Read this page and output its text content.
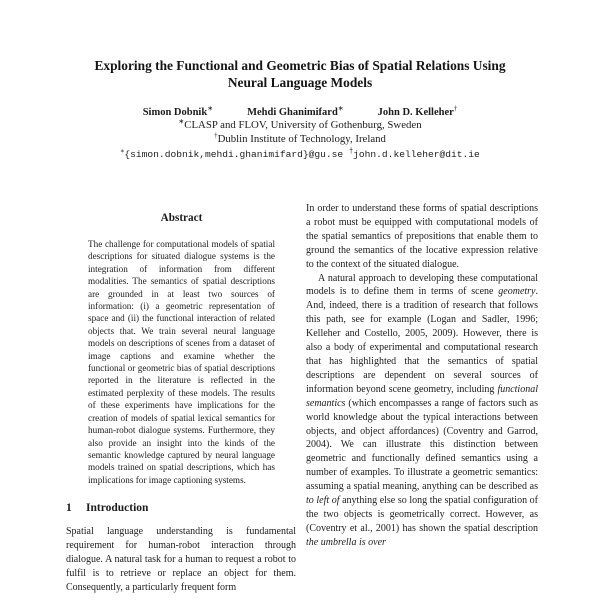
Exploring the Functional and Geometric Bias of Spatial Relations Using
Neural Language Models
Simon Dobnik∗	Mehdi Ghanimifard∗	John D. Kelleher†
∗CLASP and FLOV, University of Gothenburg, Sweden
†Dublin Institute of Technology, Ireland
∗{simon.dobnik,mehdi.ghanimifard}@gu.se †john.d.kelleher@dit.ie
Abstract

The challenge for computational models of spatial descriptions for situated dialogue systems is the integration of information from different modalities. The semantics of spatial descriptions are grounded in at least two sources of information: (i) a geometric representation of space and (ii) the functional interaction of related objects that. We train several neural language models on descriptions of scenes from a dataset of image captions and examine whether the functional or geometric bias of spatial descriptions reported in the literature is reflected in the estimated perplexity of these models. The results of these experiments have implications for the creation of models of spatial lexical semantics for human-robot dialogue systems. Furthermore, they also provide an insight into the kinds of the semantic knowledge captured by neural language models trained on spatial descriptions, which has implications for image captioning systems.

1 Introduction

Spatial language understanding is fundamental requirement for human-robot interaction through dialogue. A natural task for a human to request a robot to fulfil is to retrieve or replace an object for them. Consequently, a particularly frequent form

In order to understand these forms of spatial descriptions a robot must be equipped with computational models of the spatial semantics of prepositions that enable them to ground the semantics of the locative expression relative to the context of the situated dialogue.

A natural approach to developing these computational models is to define them in terms of scene geometry. And, indeed, there is a tradition of research that follows this path, see for example (Logan and Sadler, 1996; Kelleher and Costello, 2005, 2009). However, there is also a body of experimental and computational research that has highlighted that the semantics of spatial descriptions are dependent on several sources of information beyond scene geometry, including functional semantics (which encompasses a range of factors such as world knowledge about the typical interactions between objects, and object affordances) (Coventry and Garrod, 2004). We can illustrate this distinction between geometric and functionally defined semantics using a number of examples. To illustrate a geometric semantics: assuming a spatial meaning, anything can be described as to left of anything else so long the spatial configuration of the two objects is geometrically correct. However, as (Coventry et al., 2001) has shown the spatial description the umbrella is over
